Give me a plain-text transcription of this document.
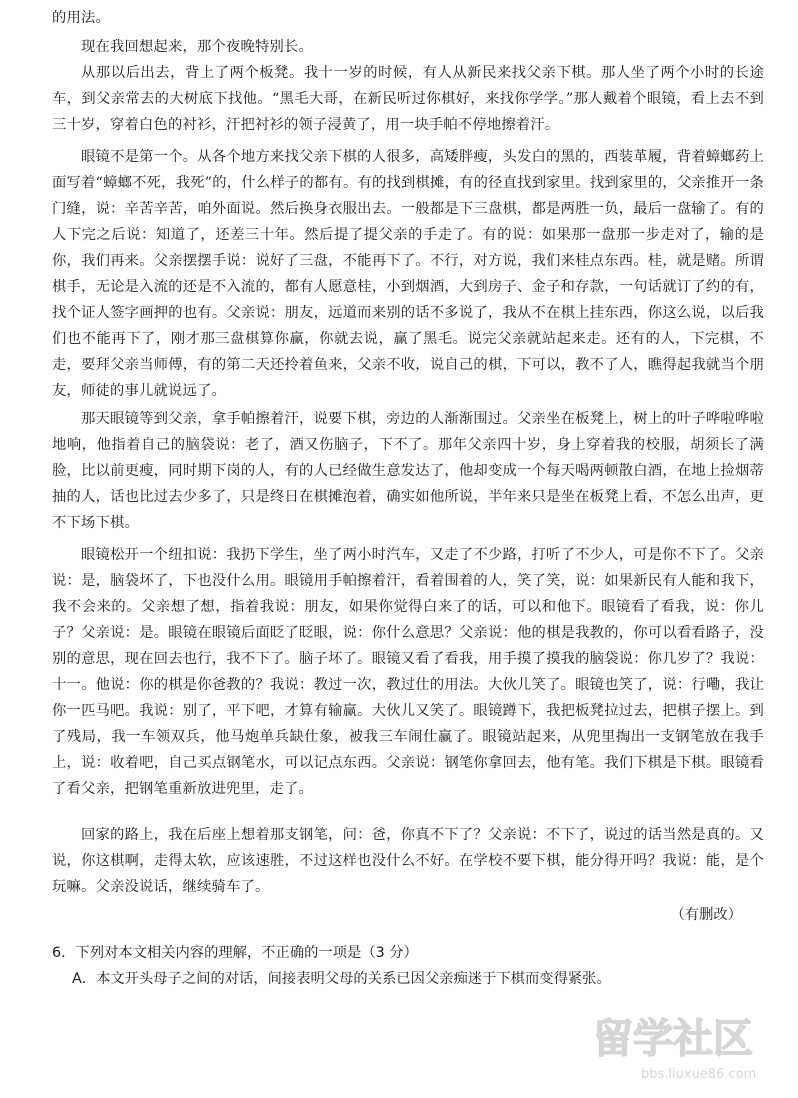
的用法。

现在我回想起来，那个夜晚特别长。

从那以后出去，背上了两个板凳。我十一岁的时候，有人从新民来找父亲下棋。那人坐了两个小时的长途车，到父亲常去的大树底下找他。“黑毛大哥，在新民听过你棋好，来找你学学。”那人戴着个眼镜，看上去不到三十岁，穿着白色的衬衫，汗把衬衫的领子浸黄了，用一块手帕不停地擦着汗。

眼镜不是第一个。从各个地方来找父亲下棋的人很多，高矮胖瘦，头发白的黑的，西装革履，背着蟑螂药上面写着“蟑螂不死，我死”的，什么样子的都有。有的找到棋摊，有的径直找到家里。找到家里的，父亲推开一条门缝，说：辛苦辛苦，咱外面说。然后换身衣服出去。一般都是下三盘棋，都是两胜一负，最后一盘输了。有的人下完之后说：知道了，还差三十年。然后提了提父亲的手走了。有的说：如果那一盘那一步走对了，输的是你，我们再来。父亲摆摆手说：说好了三盘，不能再下了。不行，对方说，我们来桂点东西。桂，就是赌。所谓棋手，无论是入流的还是不入流的，都有人愿意桂，小到烟酒，大到房子、金子和存款，一句话就订了约的有，找个证人签字画押的也有。父亲说：朋友，远道而来别的话不多说了，我从不在棋上挂东西，你这么说，以后我们也不能再下了，刚才那三盘棋算你赢，你就去说，赢了黑毛。说完父亲就站起来走。还有的人，下完棋，不走，要拜父亲当师傅，有的第二天还拎着鱼来，父亲不收，说自己的棋，下可以，教不了人，瞧得起我就当个朋友，师徒的事儿就说远了。

那天眼镜等到父亲，拿手帕擦着汗，说要下棋，旁边的人渐渐围过。父亲坐在板凳上，树上的叶子哗啦哗啦地响，他指着自己的脑袋说：老了，酒又伤脑子，下不了。那年父亲四十岁，身上穿着我的校服，胡须长了满脸，比以前更瘦，同时期下岗的人，有的人已经做生意发达了，他却变成一个每天喝两顿散白酒，在地上捡烟蒂抽的人，话也比过去少多了，只是终日在棋摊泡着，确实如他所说，半年来只是坐在板凳上看，不怎么出声，更不下场下棋。

眼镜松开一个纽扣说：我扔下学生，坐了两小时汽车，又走了不少路，打听了不少人，可是你不下了。父亲说：是，脑袋坏了，下也没什么用。眼镜用手帕擦着汗，看着围着的人，笑了笑，说：如果新民有人能和我下，我不会来的。父亲想了想，指着我说：朋友，如果你觉得白来了的话，可以和他下。眼镜看了看我，说：你儿子？父亲说：是。眼镜在眼镜后面眨了眨眼，说：你什么意思？父亲说：他的棋是我教的，你可以看看路子，没别的意思，现在回去也行，我不下了。脑子坏了。眼镜又看了看我，用手摸了摸我的脑袋说：你几岁了？我说：十一。他说：你的棋是你爸教的？我说：教过一次，教过仕的用法。大伙儿笑了。眼镜也笑了，说：行嘞，我让你一匹马吧。我说：别了，平下吧，才算有输赢。大伙儿又笑了。眼镜蹲下，我把板凳拉过去，把棋子摆上。到了残局，我一车领双兵，他马炮单兵缺仕象，被我三车闹仕赢了。眼镜站起来，从兜里掏出一支钢笔放在我手上，说：收着吧，自己买点钢笔水，可以记点东西。父亲说：钢笔你拿回去，他有笔。我们下棋是下棋。眼镜看了看父亲，把钢笔重新放进兜里，走了。

回家的路上，我在后座上想着那支钢笔，问：爸，你真不下了？父亲说：不下了，说过的话当然是真的。又说，你这棋啊，走得太软，应该速胜，不过这样也没什么不好。在学校不要下棋，能分得开吗？我说：能，是个玩嘛。父亲没说话，继续骑车了。

（有删改）

6．下列对本文相关内容的理解，不正确的一项是（3 分）

A．本文开头母子之间的对话，间接表明父母的关系已因父亲痴迷于下棋而变得紧张。

留学社区
bbs.liuxue86.com
